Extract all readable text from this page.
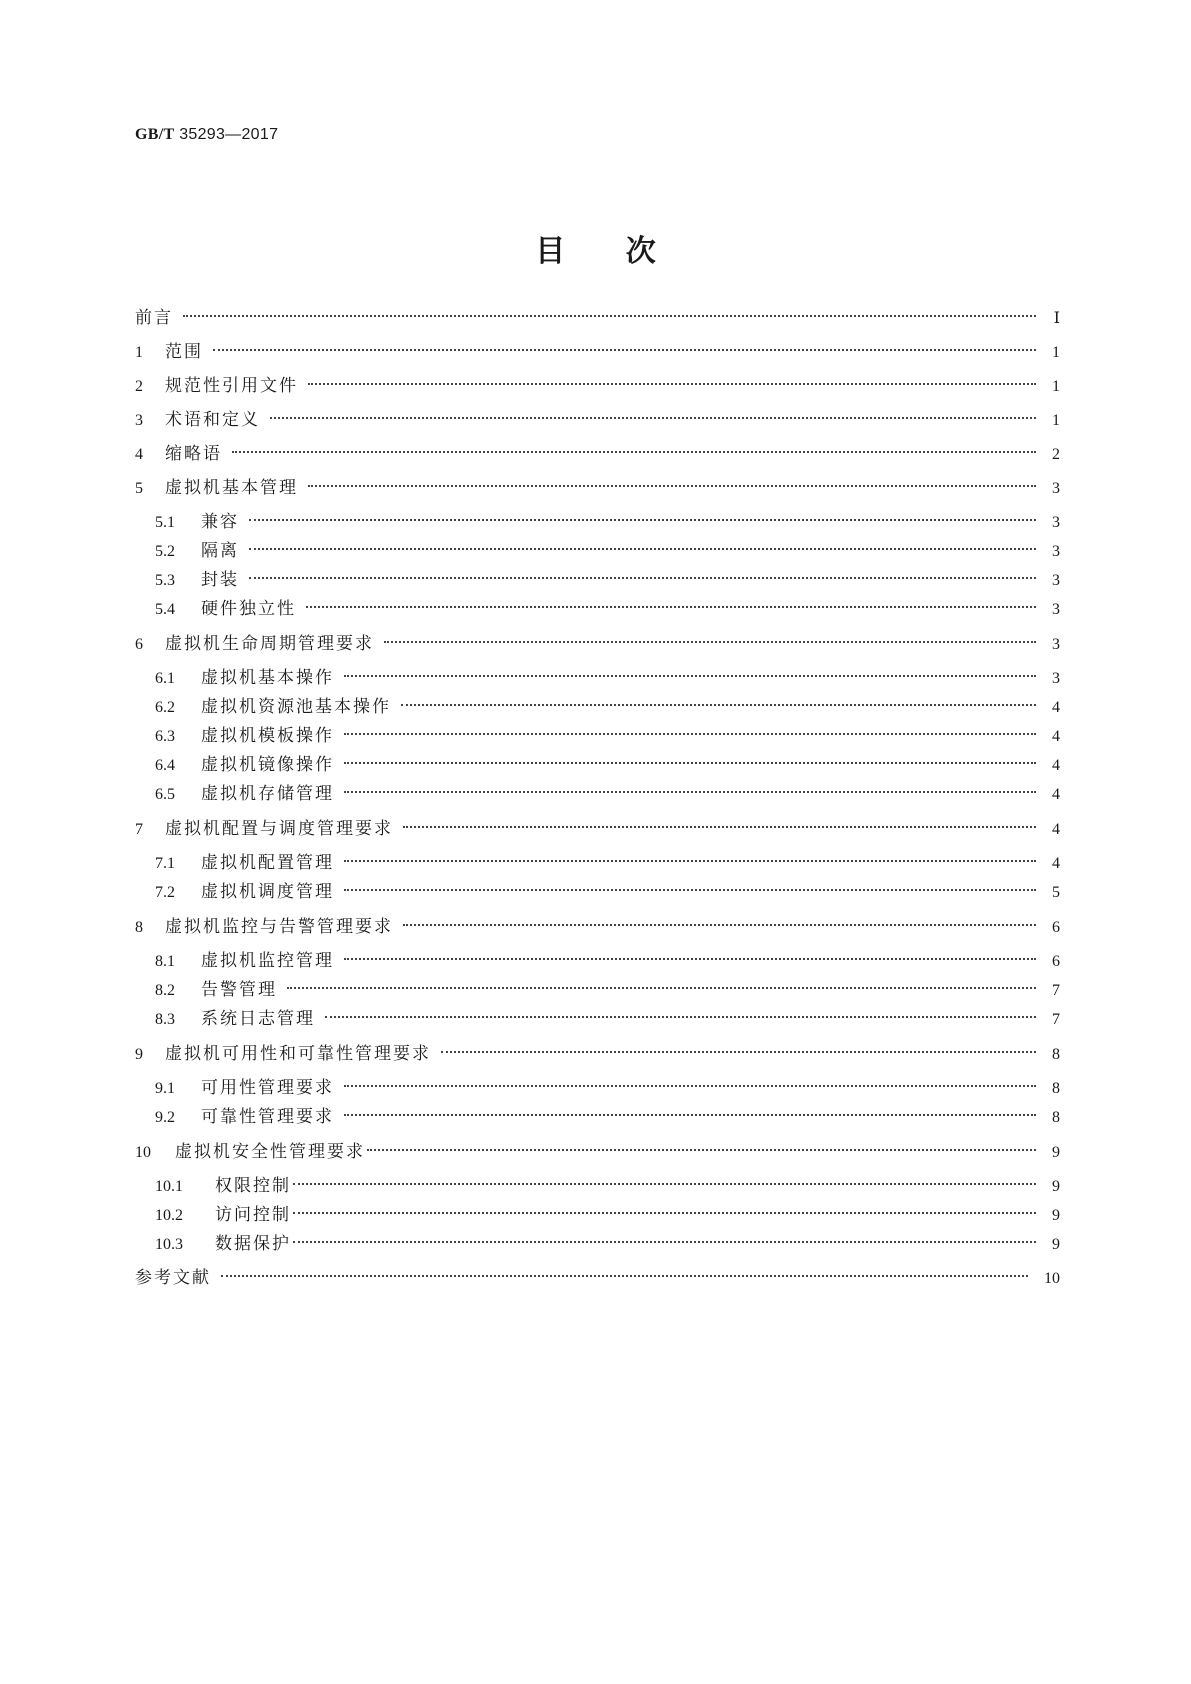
GB/T 35293—2017
目 次
前言	Ⅰ
1	范围	1
2	规范性引用文件	1
3	术语和定义	1
4	缩略语	2
5	虚拟机基本管理	3
5.1	兼容	3
5.2	隔离	3
5.3	封装	3
5.4	硬件独立性	3
6	虚拟机生命周期管理要求	3
6.1	虚拟机基本操作	3
6.2	虚拟机资源池基本操作	4
6.3	虚拟机模板操作	4
6.4	虚拟机镜像操作	4
6.5	虚拟机存储管理	4
7	虚拟机配置与调度管理要求	4
7.1	虚拟机配置管理	4
7.2	虚拟机调度管理	5
8	虚拟机监控与告警管理要求	6
8.1	虚拟机监控管理	6
8.2	告警管理	7
8.3	系统日志管理	7
9	虚拟机可用性和可靠性管理要求	8
9.1	可用性管理要求	8
9.2	可靠性管理要求	8
10	虚拟机安全性管理要求	9
10.1	权限控制	9
10.2	访问控制	9
10.3	数据保护	9
参考文献	10
